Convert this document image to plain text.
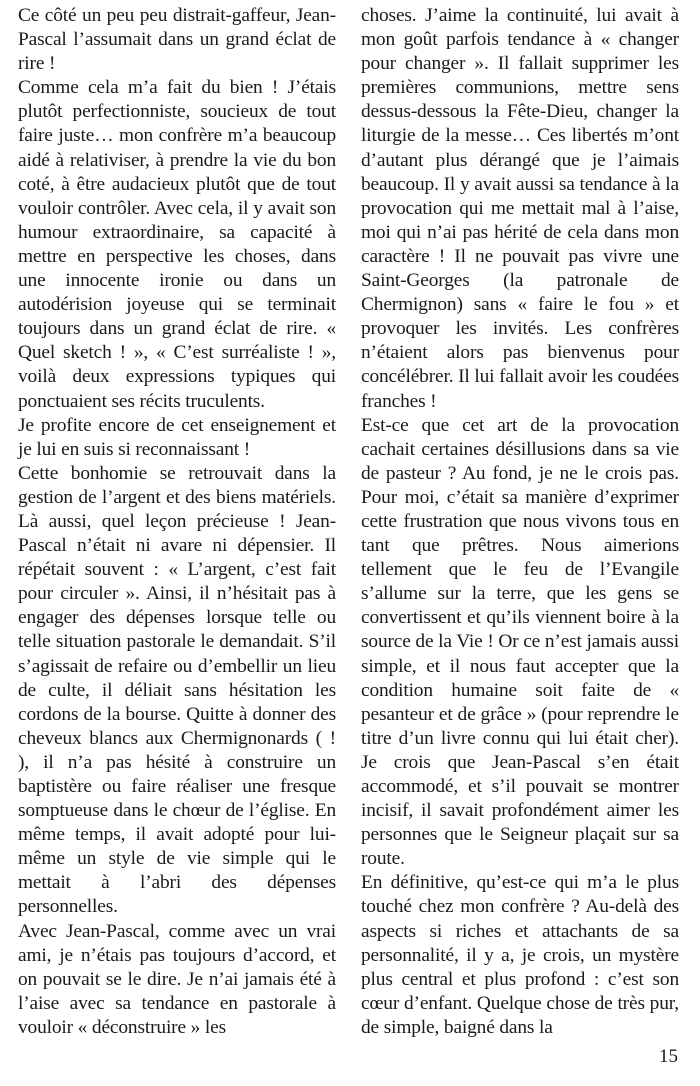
Ce côté un peu peu distrait-gaffeur, Jean-Pascal l’assumait dans un grand éclat de rire !

Comme cela m’a fait du bien ! J’étais plutôt perfectionniste, soucieux de tout faire juste… mon confrère m’a beaucoup aidé à relativiser, à prendre la vie du bon coté, à être audacieux plutôt que de tout vouloir contrôler. Avec cela, il y avait son humour extraordinaire, sa capacité à mettre en perspective les choses, dans une innocente ironie ou dans un autodérision joyeuse qui se terminait toujours dans un grand éclat de rire. « Quel sketch ! », « C’est surréaliste ! », voilà deux expressions typiques qui ponctuaient ses récits truculents.

Je profite encore de cet enseignement et je lui en suis si reconnaissant !

Cette bonhomie se retrouvait dans la gestion de l’argent et des biens matériels. Là aussi, quel leçon précieuse ! Jean-Pascal n’était ni avare ni dépensier. Il répétait souvent : « L’argent, c’est fait pour circuler ». Ainsi, il n’hésitait pas à engager des dépenses lorsque telle ou telle situation pastorale le demandait. S’il s’agissait de refaire ou d’embellir un lieu de culte, il déliait sans hésitation les cordons de la bourse. Quitte à donner des cheveux blancs aux Chermignonards ( ! ), il n’a pas hésité à construire un baptistère ou faire réaliser une fresque somptueuse dans le chœur de l’église. En même temps, il avait adopté pour lui-même un style de vie simple qui le mettait à l’abri des dépenses personnelles.

Avec Jean-Pascal, comme avec un vrai ami, je n’étais pas toujours d’accord, et on pouvait se le dire. Je n’ai jamais été à l’aise avec sa tendance en pastorale à vouloir « déconstruire » les

choses. J’aime la continuité, lui avait à mon goût parfois tendance à « changer pour changer ». Il fallait supprimer les premières communions, mettre sens dessus-dessous la Fête-Dieu, changer la liturgie de la messe… Ces libertés m’ont d’autant plus dérangé que je l’aimais beaucoup. Il y avait aussi sa tendance à la provocation qui me mettait mal à l’aise, moi qui n’ai pas hérité de cela dans mon caractère ! Il ne pouvait pas vivre une Saint-Georges (la patronale de Chermignon) sans « faire le fou » et provoquer les invités. Les confrères n’étaient alors pas bienvenus pour concélébrer. Il lui fallait avoir les coudées franches !

Est-ce que cet art de la provocation cachait certaines désillusions dans sa vie de pasteur ? Au fond, je ne le crois pas. Pour moi, c’était sa manière d’exprimer cette frustration que nous vivons tous en tant que prêtres. Nous aimerions tellement que le feu de l’Evangile s’allume sur la terre, que les gens se convertissent et qu’ils viennent boire à la source de la Vie ! Or ce n’est jamais aussi simple, et il nous faut accepter que la condition humaine soit faite de « pesanteur et de grâce » (pour reprendre le titre d’un livre connu qui lui était cher). Je crois que Jean-Pascal s’en était accommodé, et s’il pouvait se montrer incisif, il savait profondément aimer les personnes que le Seigneur plaçait sur sa route.

En définitive, qu’est-ce qui m’a le plus touché chez mon confrère ? Au-delà des aspects si riches et attachants de sa personnalité, il y a, je crois, un mystère plus central et plus profond : c’est son cœur d’enfant. Quelque chose de très pur, de simple, baigné dans la

15
